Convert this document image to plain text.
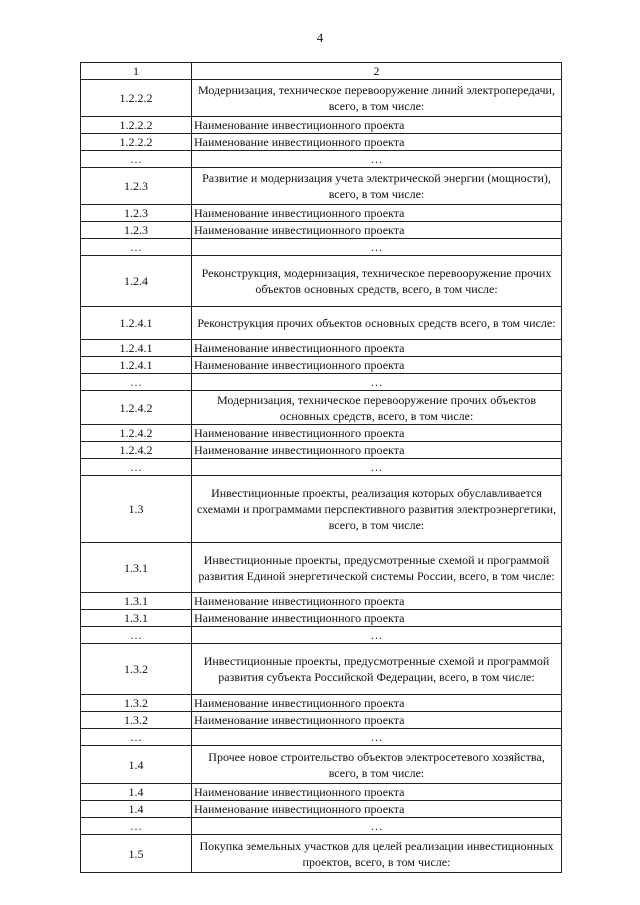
4
1	2
1.2.2.2	Модернизация, техническое перевооружение линий электропередачи, всего, в том числе:
1.2.2.2	Наименование инвестиционного проекта
1.2.2.2	Наименование инвестиционного проекта
…	…
1.2.3	Развитие и модернизация учета электрической энергии (мощности), всего, в том числе:
1.2.3	Наименование инвестиционного проекта
1.2.3	Наименование инвестиционного проекта
…	…
1.2.4	Реконструкция, модернизация, техническое перевооружение прочих объектов основных средств, всего, в том числе:
1.2.4.1	Реконструкция прочих объектов основных средств всего, в том числе:
1.2.4.1	Наименование инвестиционного проекта
1.2.4.1	Наименование инвестиционного проекта
…	…
1.2.4.2	Модернизация, техническое перевооружение прочих объектов основных средств, всего, в том числе:
1.2.4.2	Наименование инвестиционного проекта
1.2.4.2	Наименование инвестиционного проекта
…	…
1.3	Инвестиционные проекты, реализация которых обуславливается схемами и программами перспективного развития электроэнергетики, всего, в том числе:
1.3.1	Инвестиционные проекты, предусмотренные схемой и программой развития Единой энергетической системы России, всего, в том числе:
1.3.1	Наименование инвестиционного проекта
1.3.1	Наименование инвестиционного проекта
…	…
1.3.2	Инвестиционные проекты, предусмотренные схемой и программой развития субъекта Российской Федерации, всего, в том числе:
1.3.2	Наименование инвестиционного проекта
1.3.2	Наименование инвестиционного проекта
…	…
1.4	Прочее новое строительство объектов электросетевого хозяйства, всего, в том числе:
1.4	Наименование инвестиционного проекта
1.4	Наименование инвестиционного проекта
…	…
1.5	Покупка земельных участков для целей реализации инвестиционных проектов, всего, в том числе:
